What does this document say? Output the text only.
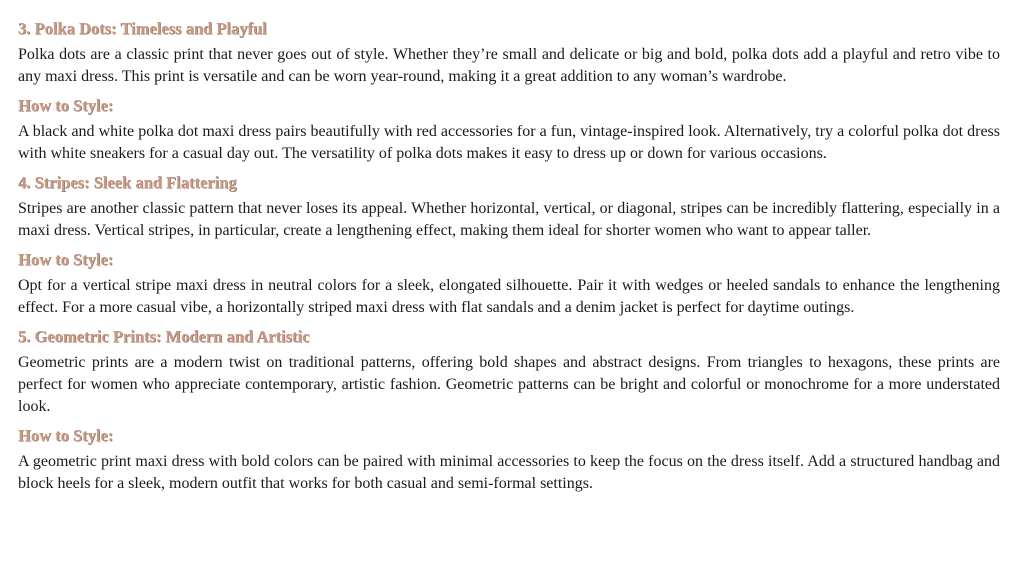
3. Polka Dots: Timeless and Playful

Polka dots are a classic print that never goes out of style. Whether they’re small and delicate or big and bold, polka dots add a playful and retro vibe to any maxi dress. This print is versatile and can be worn year-round, making it a great addition to any woman’s wardrobe.

How to Style:

A black and white polka dot maxi dress pairs beautifully with red accessories for a fun, vintage-inspired look. Alternatively, try a colorful polka dot dress with white sneakers for a casual day out. The versatility of polka dots makes it easy to dress up or down for various occasions.

4. Stripes: Sleek and Flattering

Stripes are another classic pattern that never loses its appeal. Whether horizontal, vertical, or diagonal, stripes can be incredibly flattering, especially in a maxi dress. Vertical stripes, in particular, create a lengthening effect, making them ideal for shorter women who want to appear taller.

How to Style:

Opt for a vertical stripe maxi dress in neutral colors for a sleek, elongated silhouette. Pair it with wedges or heeled sandals to enhance the lengthening effect. For a more casual vibe, a horizontally striped maxi dress with flat sandals and a denim jacket is perfect for daytime outings.

5. Geometric Prints: Modern and Artistic

Geometric prints are a modern twist on traditional patterns, offering bold shapes and abstract designs. From triangles to hexagons, these prints are perfect for women who appreciate contemporary, artistic fashion. Geometric patterns can be bright and colorful or monochrome for a more understated look.

How to Style:

A geometric print maxi dress with bold colors can be paired with minimal accessories to keep the focus on the dress itself. Add a structured handbag and block heels for a sleek, modern outfit that works for both casual and semi-formal settings.
